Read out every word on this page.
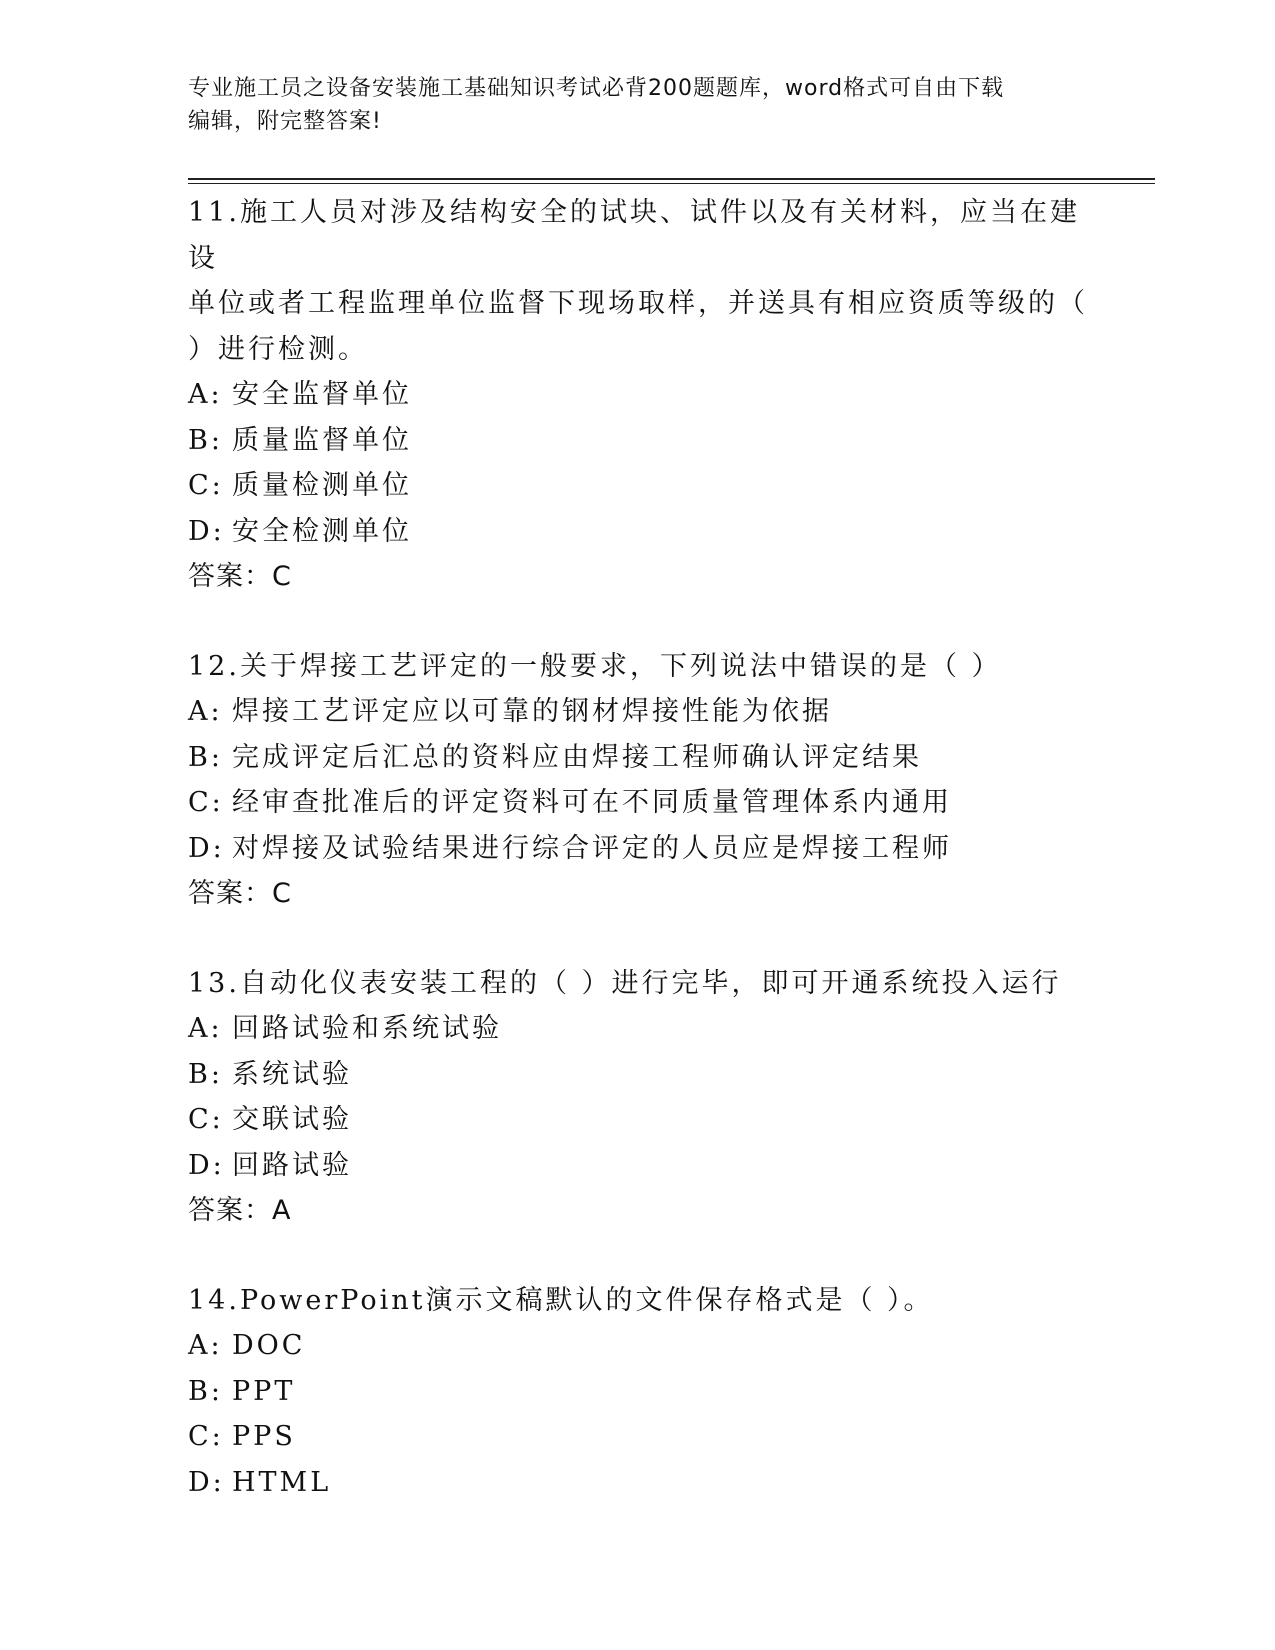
专业施工员之设备安装施工基础知识考试必背200题题库，word格式可自由下载
编辑，附完整答案!

11.施工人员对涉及结构安全的试块、试件以及有关材料，应当在建设

单位或者工程监理单位监督下现场取样，并送具有相应资质等级的（

）进行检测。

A: 安全监督单位

B: 质量监督单位

C: 质量检测单位

D: 安全检测单位

答案：C

12.关于焊接工艺评定的一般要求，下列说法中错误的是（ ）

A: 焊接工艺评定应以可靠的钢材焊接性能为依据

B: 完成评定后汇总的资料应由焊接工程师确认评定结果

C: 经审查批准后的评定资料可在不同质量管理体系内通用

D: 对焊接及试验结果进行综合评定的人员应是焊接工程师

答案：C

13.自动化仪表安装工程的（ ）进行完毕，即可开通系统投入运行

A: 回路试验和系统试验

B: 系统试验

C: 交联试验

D: 回路试验

答案：A

14.PowerPoint演示文稿默认的文件保存格式是（ ）。

A: DOC

B: PPT

C: PPS

D: HTML
